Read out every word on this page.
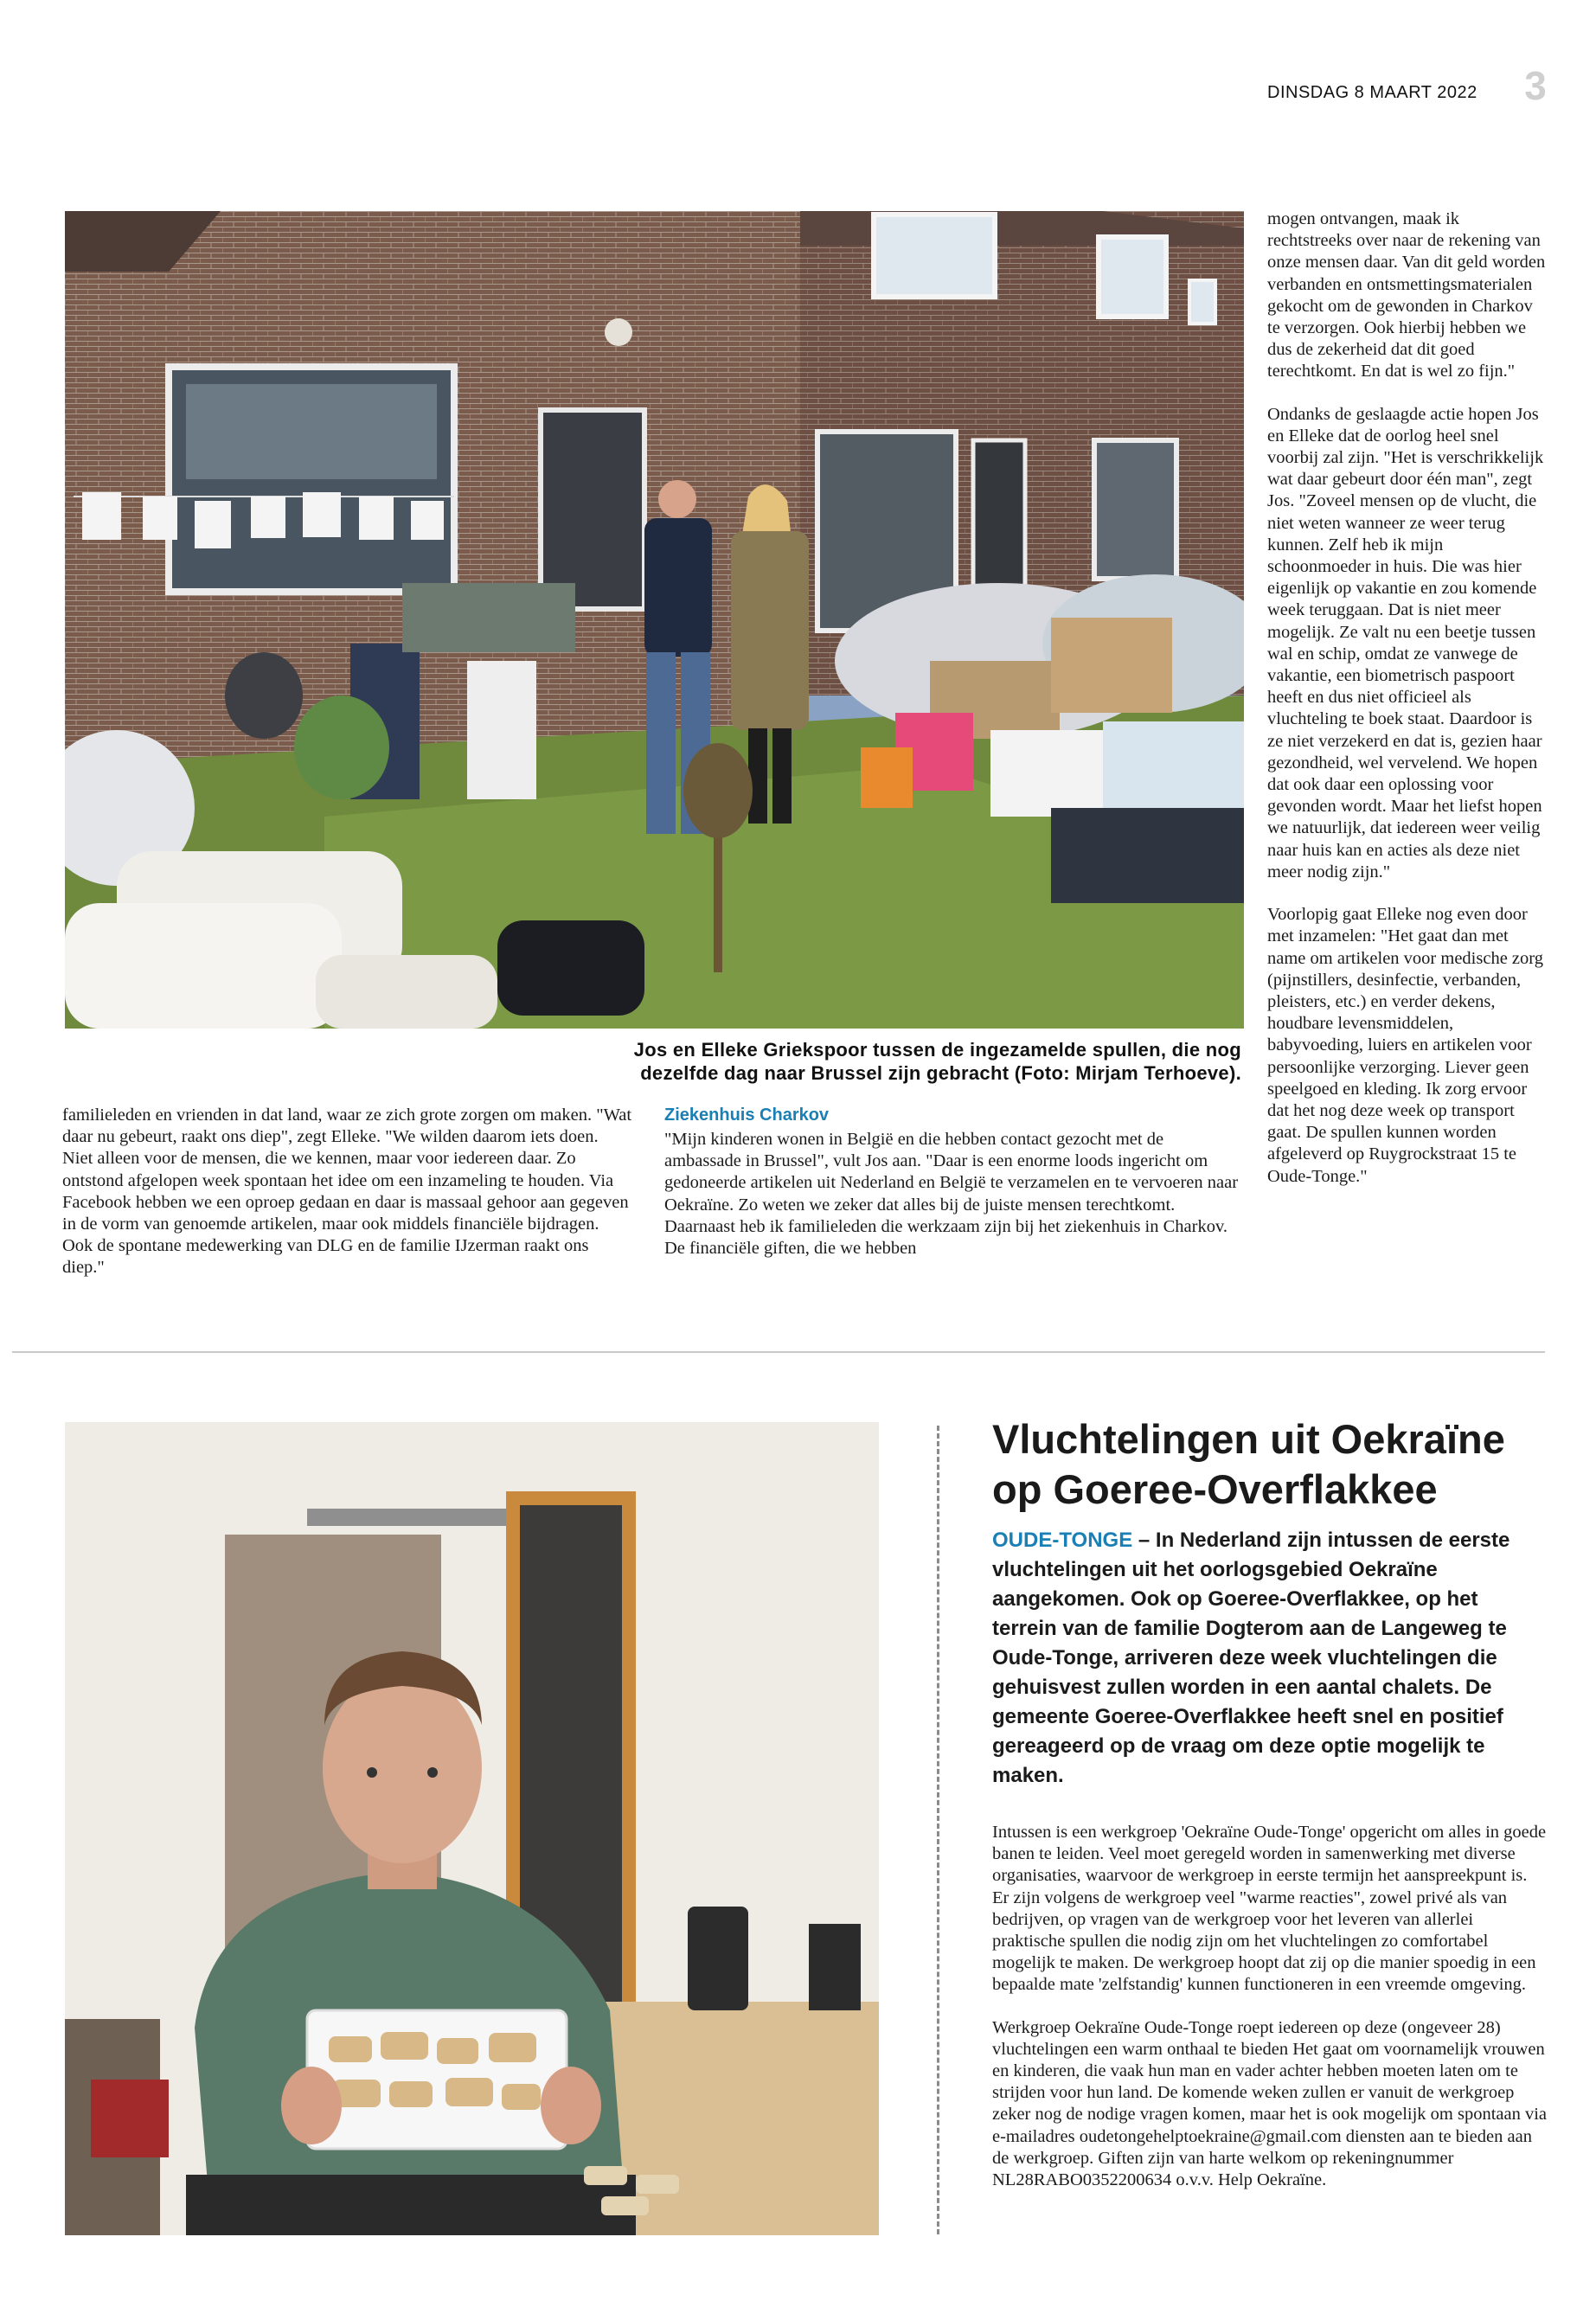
DINSDAG 8 MAART 2022	3
Jos en Elleke Griekspoor tussen de ingezamelde spullen, die nog dezelfde dag naar Brussel zijn gebracht (Foto: Mirjam Terhoeve).

mogen ontvangen, maak ik rechtstreeks over naar de rekening van onze mensen daar. Van dit geld worden verbanden en ontsmettingsmaterialen gekocht om de gewonden in Charkov te verzorgen. Ook hierbij hebben we dus de zekerheid dat dit goed terechtkomt. En dat is wel zo fijn."

Ondanks de geslaagde actie hopen Jos en Elleke dat de oorlog heel snel voorbij zal zijn. "Het is verschrikkelijk wat daar gebeurt door één man", zegt Jos. "Zoveel mensen op de vlucht, die niet weten wanneer ze weer terug kunnen. Zelf heb ik mijn schoonmoeder in huis. Die was hier eigenlijk op vakantie en zou komende week teruggaan. Dat is niet meer mogelijk. Ze valt nu een beetje tussen wal en schip, omdat ze vanwege de vakantie, een biometrisch paspoort heeft en dus niet officieel als vluchteling te boek staat. Daardoor is ze niet verzekerd en dat is, gezien haar gezondheid, wel vervelend. We hopen dat ook daar een oplossing voor gevonden wordt. Maar het liefst hopen we natuurlijk, dat iedereen weer veilig naar huis kan en acties als deze niet meer nodig zijn."

Voorlopig gaat Elleke nog even door met inzamelen: "Het gaat dan met name om artikelen voor medische zorg (pijnstillers, desinfectie, verbanden, pleisters, etc.) en verder dekens, houdbare levensmiddelen, babyvoeding, luiers en artikelen voor persoonlijke verzorging. Liever geen speelgoed en kleding. Ik zorg ervoor dat het nog deze week op transport gaat. De spullen kunnen worden afgeleverd op Ruygrockstraat 15 te Oude-Tonge."

familieleden en vrienden in dat land, waar ze zich grote zorgen om maken. "Wat daar nu gebeurt, raakt ons diep", zegt Elleke. "We wilden daarom iets doen. Niet alleen voor de mensen, die we kennen, maar voor iedereen daar. Zo ontstond afgelopen week spontaan het idee om een inzameling te houden. Via Facebook hebben we een oproep gedaan en daar is massaal gehoor aan gegeven in de vorm van genoemde artikelen, maar ook middels financiële bijdragen. Ook de spontane medewerking van DLG en de familie IJzerman raakt ons diep."

Ziekenhuis Charkov

"Mijn kinderen wonen in België en die hebben contact gezocht met de ambassade in Brussel", vult Jos aan. "Daar is een enorme loods ingericht om gedoneerde artikelen uit Nederland en België te verzamelen en te vervoeren naar Oekraïne. Zo weten we zeker dat alles bij de juiste mensen terechtkomt. Daarnaast heb ik familieleden die werkzaam zijn bij het ziekenhuis in Charkov. De financiële giften, die we hebben

Vluchtelingen uit Oekraïne op Goeree-Overflakkee
OUDE-TONGE – In Nederland zijn intussen de eerste vluchtelingen uit het oorlogsgebied Oekraïne aangekomen. Ook op Goeree-Overflakkee, op het terrein van de familie Dogterom aan de Langeweg te Oude-Tonge, arriveren deze week vluchtelingen die gehuisvest zullen worden in een aantal chalets. De gemeente Goeree-Overflakkee heeft snel en positief gereageerd op de vraag om deze optie mogelijk te maken.

Intussen is een werkgroep 'Oekraïne Oude-Tonge' opgericht om alles in goede banen te leiden. Veel moet geregeld worden in samenwerking met diverse organisaties, waarvoor de werkgroep in eerste termijn het aanspreekpunt is. Er zijn volgens de werkgroep veel "warme reacties", zowel privé als van bedrijven, op vragen van de werkgroep voor het leveren van allerlei praktische spullen die nodig zijn om het vluchtelingen zo comfortabel mogelijk te maken. De werkgroep hoopt dat zij op die manier spoedig in een bepaalde mate 'zelfstandig' kunnen functioneren in een vreemde omgeving.

Werkgroep Oekraïne Oude-Tonge roept iedereen op deze (ongeveer 28) vluchtelingen een warm onthaal te bieden Het gaat om voornamelijk vrouwen en kinderen, die vaak hun man en vader achter hebben moeten laten om te strijden voor hun land. De komende weken zullen er vanuit de werkgroep zeker nog de nodige vragen komen, maar het is ook mogelijk om spontaan via e-mailadres oudetongehelptoekraine@gmail.com diensten aan te bieden aan de werkgroep. Giften zijn van harte welkom op rekeningnummer NL28RABO0352200634 o.v.v. Help Oekraïne.
